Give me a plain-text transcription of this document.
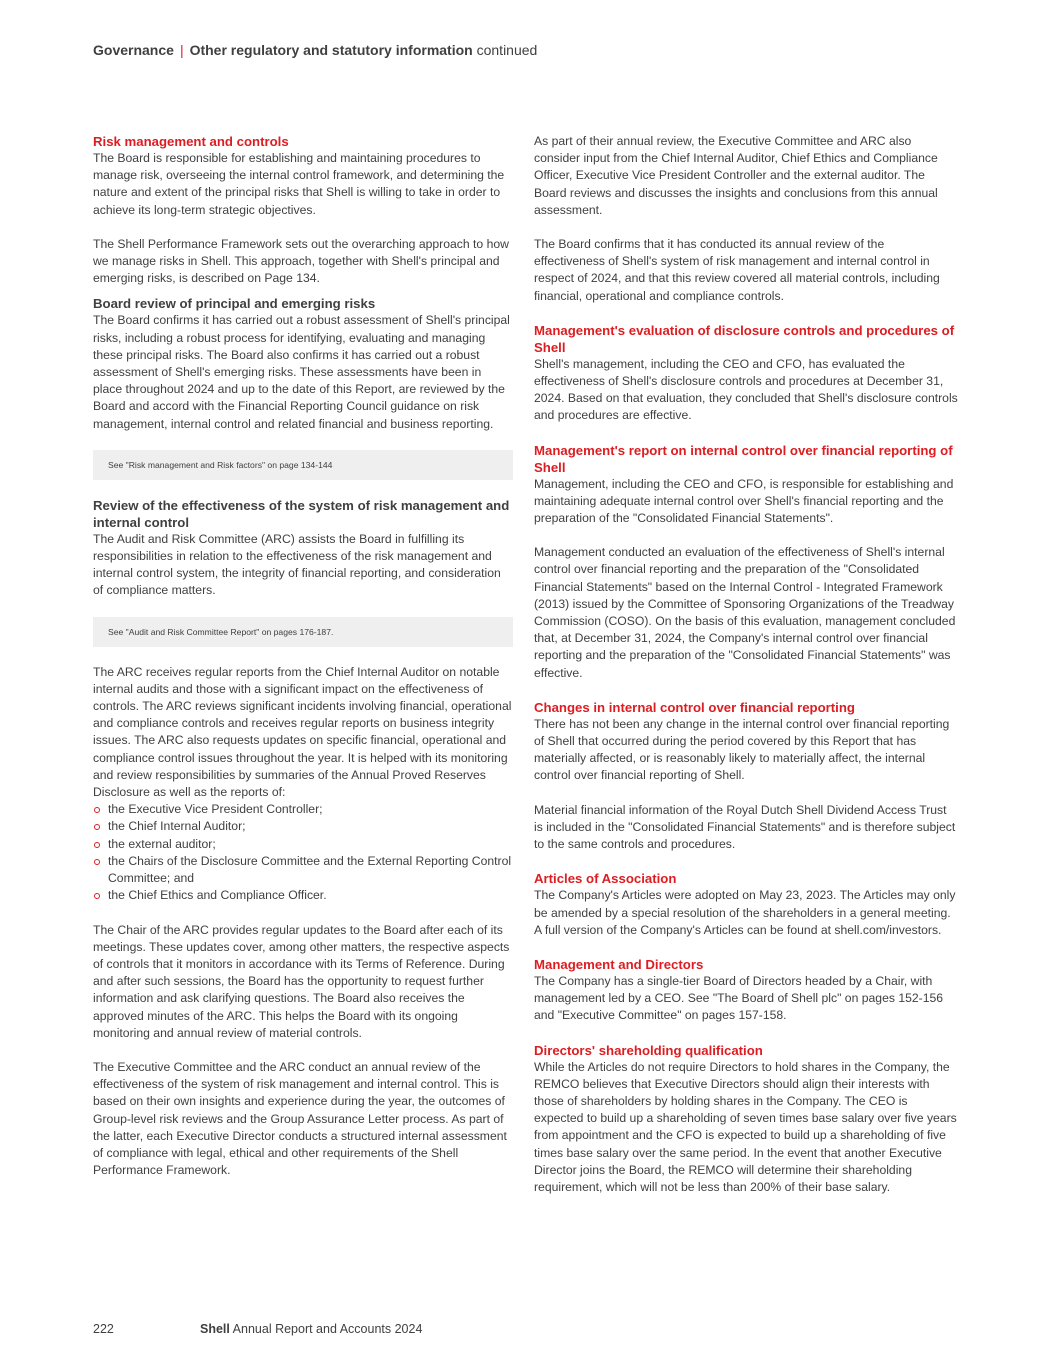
Governance | Other regulatory and statutory information continued
Risk management and controls

The Board is responsible for establishing and maintaining procedures to manage risk, overseeing the internal control framework, and determining the nature and extent of the principal risks that Shell is willing to take in order to achieve its long-term strategic objectives.

The Shell Performance Framework sets out the overarching approach to how we manage risks in Shell. This approach, together with Shell's principal and emerging risks, is described on Page 134.

Board review of principal and emerging risks

The Board confirms it has carried out a robust assessment of Shell's principal risks, including a robust process for identifying, evaluating and managing these principal risks. The Board also confirms it has carried out a robust assessment of Shell's emerging risks. These assessments have been in place throughout 2024 and up to the date of this Report, are reviewed by the Board and accord with the Financial Reporting Council guidance on risk management, internal control and related financial and business reporting.

See "Risk management and Risk factors" on page 134-144
Review of the effectiveness of the system of risk management and internal control

The Audit and Risk Committee (ARC) assists the Board in fulfilling its responsibilities in relation to the effectiveness of the risk management and internal control system, the integrity of financial reporting, and consideration of compliance matters.

See "Audit and Risk Committee Report" on pages 176-187.

The ARC receives regular reports from the Chief Internal Auditor on notable internal audits and those with a significant impact on the effectiveness of controls. The ARC reviews significant incidents involving financial, operational and compliance controls and receives regular reports on business integrity issues. The ARC also requests updates on specific financial, operational and compliance control issues throughout the year. It is helped with its monitoring and review responsibilities by summaries of the Annual Proved Reserves Disclosure as well as the reports of:

the Executive Vice President Controller;
the Chief Internal Auditor;
the external auditor;
the Chairs of the Disclosure Committee and the External Reporting Control Committee; and
the Chief Ethics and Compliance Officer.

The Chair of the ARC provides regular updates to the Board after each of its meetings. These updates cover, among other matters, the respective aspects of controls that it monitors in accordance with its Terms of Reference. During and after such sessions, the Board has the opportunity to request further information and ask clarifying questions. The Board also receives the approved minutes of the ARC. This helps the Board with its ongoing monitoring and annual review of material controls.

The Executive Committee and the ARC conduct an annual review of the effectiveness of the system of risk management and internal control. This is based on their own insights and experience during the year, the outcomes of Group-level risk reviews and the Group Assurance Letter process. As part of the latter, each Executive Director conducts a structured internal assessment of compliance with legal, ethical and other requirements of the Shell Performance Framework.

As part of their annual review, the Executive Committee and ARC also consider input from the Chief Internal Auditor, Chief Ethics and Compliance Officer, Executive Vice President Controller and the external auditor. The Board reviews and discusses the insights and conclusions from this annual assessment.

The Board confirms that it has conducted its annual review of the effectiveness of Shell's system of risk management and internal control in respect of 2024, and that this review covered all material controls, including financial, operational and compliance controls.

Management's evaluation of disclosure controls and procedures of Shell

Shell's management, including the CEO and CFO, has evaluated the effectiveness of Shell's disclosure controls and procedures at December 31, 2024. Based on that evaluation, they concluded that Shell's disclosure controls and procedures are effective.

Management's report on internal control over financial reporting of Shell

Management, including the CEO and CFO, is responsible for establishing and maintaining adequate internal control over Shell's financial reporting and the preparation of the "Consolidated Financial Statements".

Management conducted an evaluation of the effectiveness of Shell's internal control over financial reporting and the preparation of the "Consolidated Financial Statements" based on the Internal Control - Integrated Framework (2013) issued by the Committee of Sponsoring Organizations of the Treadway Commission (COSO). On the basis of this evaluation, management concluded that, at December 31, 2024, the Company's internal control over financial reporting and the preparation of the "Consolidated Financial Statements" was effective.

Changes in internal control over financial reporting

There has not been any change in the internal control over financial reporting of Shell that occurred during the period covered by this Report that has materially affected, or is reasonably likely to materially affect, the internal control over financial reporting of Shell.

Material financial information of the Royal Dutch Shell Dividend Access Trust is included in the "Consolidated Financial Statements" and is therefore subject to the same controls and procedures.

Articles of Association

The Company's Articles were adopted on May 23, 2023. The Articles may only be amended by a special resolution of the shareholders in a general meeting. A full version of the Company's Articles can be found at shell.com/investors.

Management and Directors

The Company has a single-tier Board of Directors headed by a Chair, with management led by a CEO. See "The Board of Shell plc" on pages 152-156 and "Executive Committee" on pages 157-158.

Directors' shareholding qualification

While the Articles do not require Directors to hold shares in the Company, the REMCO believes that Executive Directors should align their interests with those of shareholders by holding shares in the Company. The CEO is expected to build up a shareholding of seven times base salary over five years from appointment and the CFO is expected to build up a shareholding of five times base salary over the same period. In the event that another Executive Director joins the Board, the REMCO will determine their shareholding requirement, which will not be less than 200% of their base salary.

222	Shell Annual Report and Accounts 2024
